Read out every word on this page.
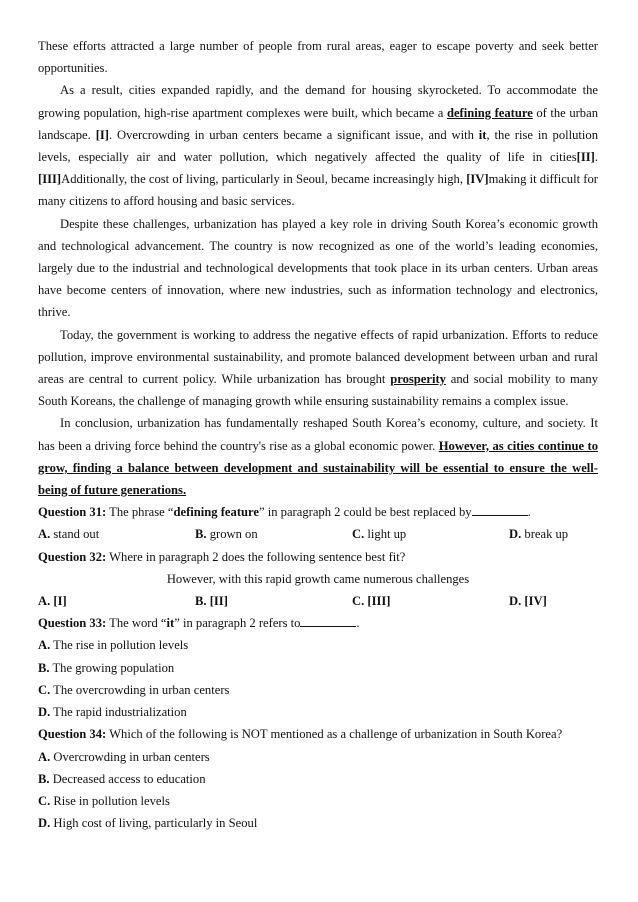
These efforts attracted a large number of people from rural areas, eager to escape poverty and seek better opportunities.

As a result, cities expanded rapidly, and the demand for housing skyrocketed. To accommodate the growing population, high-rise apartment complexes were built, which became a defining feature of the urban landscape. [I]. Overcrowding in urban centers became a significant issue, and with it, the rise in pollution levels, especially air and water pollution, which negatively affected the quality of life in cities[II]. [III]Additionally, the cost of living, particularly in Seoul, became increasingly high, [IV]making it difficult for many citizens to afford housing and basic services.

Despite these challenges, urbanization has played a key role in driving South Korea’s economic growth and technological advancement. The country is now recognized as one of the world’s leading economies, largely due to the industrial and technological developments that took place in its urban centers. Urban areas have become centers of innovation, where new industries, such as information technology and electronics, thrive.

Today, the government is working to address the negative effects of rapid urbanization. Efforts to reduce pollution, improve environmental sustainability, and promote balanced development between urban and rural areas are central to current policy. While urbanization has brought prosperity and social mobility to many South Koreans, the challenge of managing growth while ensuring sustainability remains a complex issue.

In conclusion, urbanization has fundamentally reshaped South Korea’s economy, culture, and society. It has been a driving force behind the country's rise as a global economic power. However, as cities continue to grow, finding a balance between development and sustainability will be essential to ensure the well-being of future generations.

Question 31: The phrase “defining feature” in paragraph 2 could be best replaced by	.

A. stand out	B. grown on	C. light up	D. break up

Question 32: Where in paragraph 2 does the following sentence best fit?

However, with this rapid growth came numerous challenges

A. [I]	B. [II]	C. [III]	D. [IV]

Question 33: The word “it” in paragraph 2 refers to	.

A. The rise in pollution levels

B. The growing population

C. The overcrowding in urban centers

D. The rapid industrialization

Question 34: Which of the following is NOT mentioned as a challenge of urbanization in South Korea?

A. Overcrowding in urban centers

B. Decreased access to education

C. Rise in pollution levels

D. High cost of living, particularly in Seoul
